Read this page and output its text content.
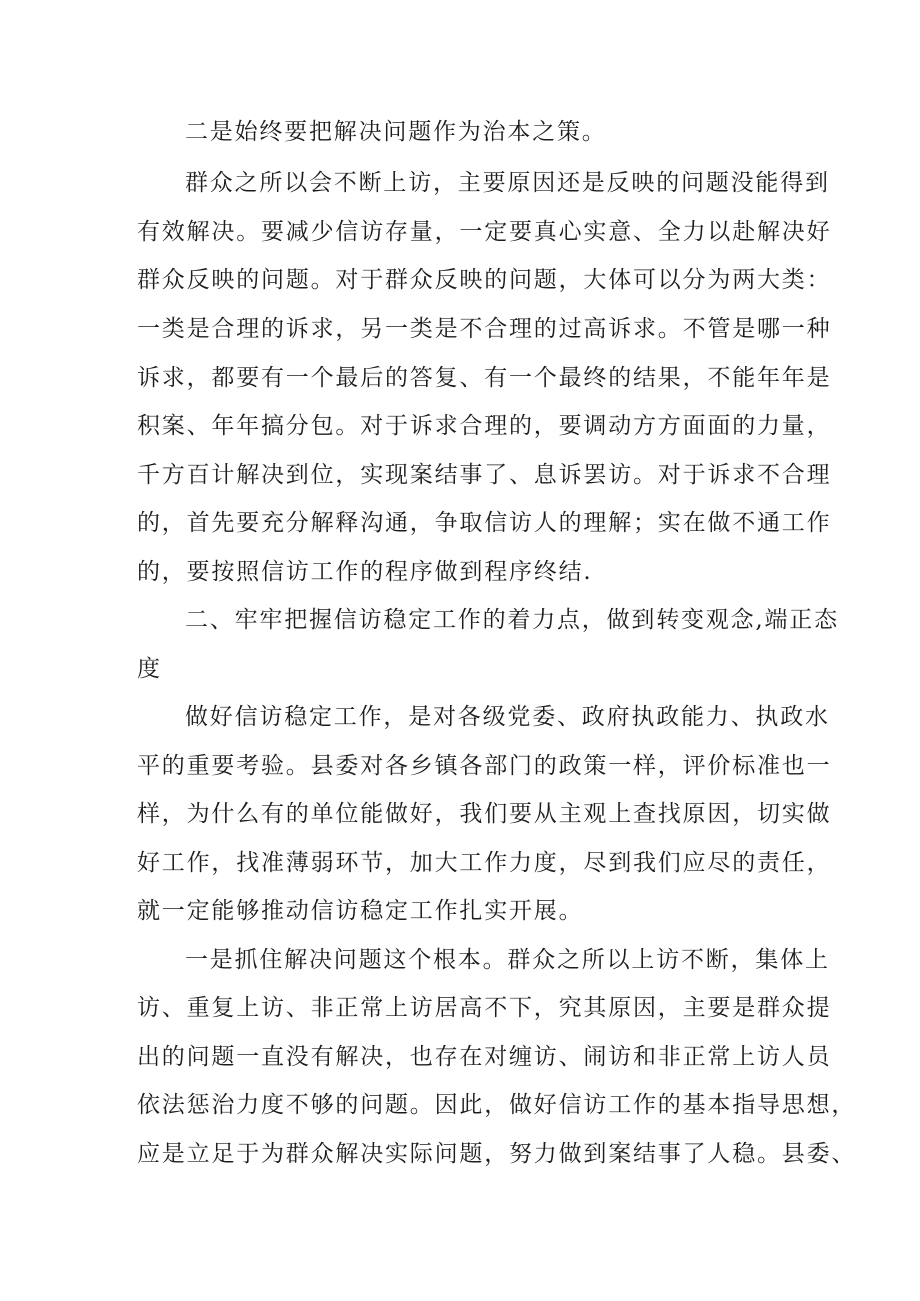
二是始终要把解决问题作为治本之策。
群众之所以会不断上访，主要原因还是反映的问题没能得到
有效解决。要减少信访存量，一定要真心实意、全力以赴解决好
群众反映的问题。对于群众反映的问题，大体可以分为两大类：
一类是合理的诉求，另一类是不合理的过高诉求。不管是哪一种
诉求，都要有一个最后的答复、有一个最终的结果，不能年年是
积案、年年搞分包。对于诉求合理的，要调动方方面面的力量，
千方百计解决到位，实现案结事了、息诉罢访。对于诉求不合理
的，首先要充分解释沟通，争取信访人的理解；实在做不通工作
的，要按照信访工作的程序做到程序终结.
二、牢牢把握信访稳定工作的着力点，做到转变观念,端正态
度
做好信访稳定工作，是对各级党委、政府执政能力、执政水
平的重要考验。县委对各乡镇各部门的政策一样，评价标准也一
样，为什么有的单位能做好，我们要从主观上查找原因，切实做
好工作，找准薄弱环节，加大工作力度，尽到我们应尽的责任，
就一定能够推动信访稳定工作扎实开展。
一是抓住解决问题这个根本。群众之所以上访不断，集体上
访、重复上访、非正常上访居高不下，究其原因，主要是群众提
出的问题一直没有解决，也存在对缠访、闹访和非正常上访人员
依法惩治力度不够的问题。因此，做好信访工作的基本指导思想，
应是立足于为群众解决实际问题，努力做到案结事了人稳。县委、
